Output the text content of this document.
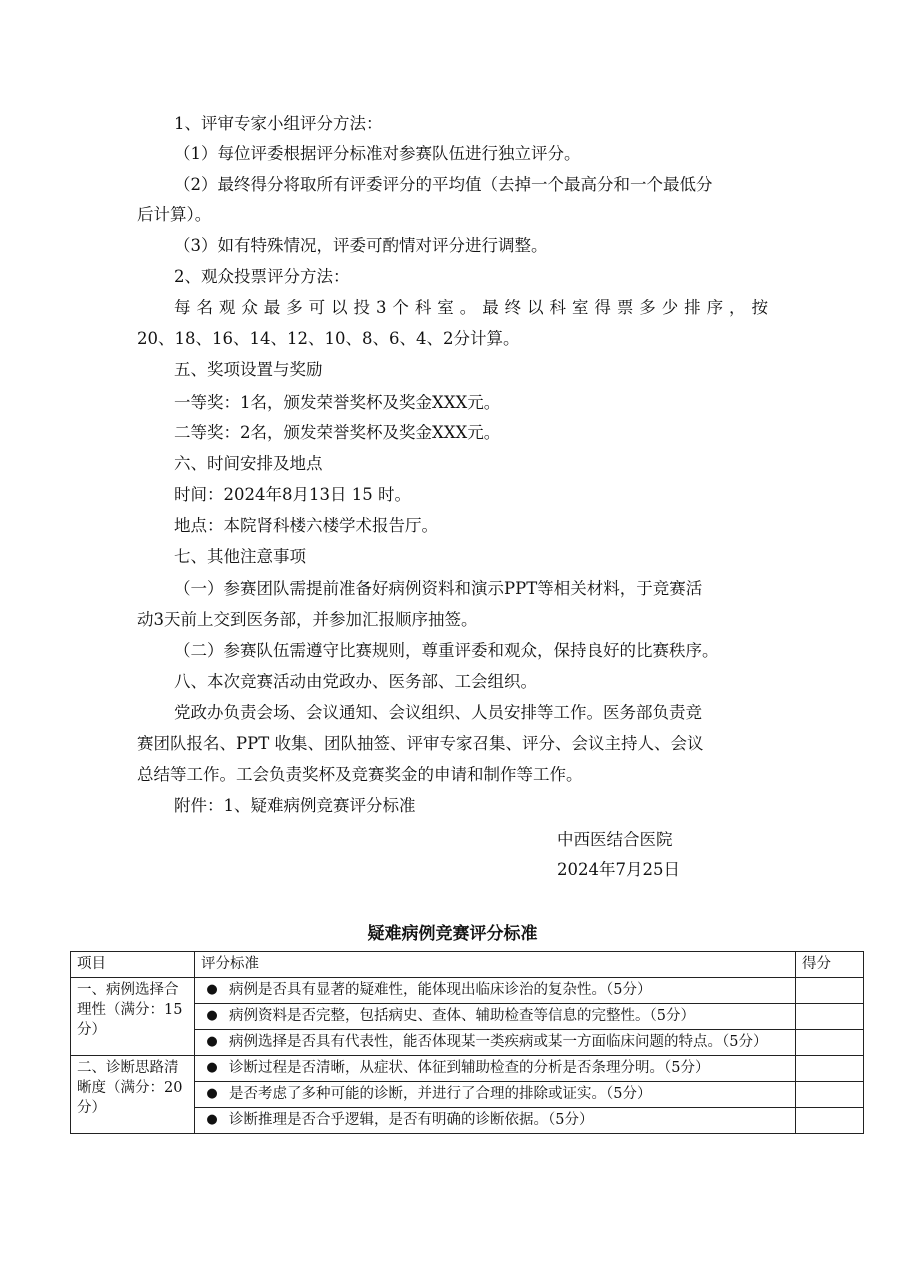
1、评审专家小组评分方法：
（1）每位评委根据评分标准对参赛队伍进行独立评分。
（2）最终得分将取所有评委评分的平均值（去掉一个最高分和一个最低分
后计算）。
（3）如有特殊情况，评委可酌情对评分进行调整。
2、观众投票评分方法：
每名观众最多可以投3个科室。最终以科室得票多少排序，按
20、18、16、14、12、10、8、6、4、2分计算。
五、奖项设置与奖励
一等奖：1名，颁发荣誉奖杯及奖金XXX元。
二等奖：2名，颁发荣誉奖杯及奖金XXX元。
六、时间安排及地点
时间：2024年8月13日 15 时。
地点：本院肾科楼六楼学术报告厅。
七、其他注意事项
（一）参赛团队需提前准备好病例资料和演示PPT等相关材料，于竞赛活
动3天前上交到医务部，并参加汇报顺序抽签。
（二）参赛队伍需遵守比赛规则，尊重评委和观众，保持良好的比赛秩序。
八、本次竞赛活动由党政办、医务部、工会组织。
党政办负责会场、会议通知、会议组织、人员安排等工作。医务部负责竞
赛团队报名、PPT 收集、团队抽签、评审专家召集、评分、会议主持人、会议
总结等工作。工会负责奖杯及竞赛奖金的申请和制作等工作。
附件：1、疑难病例竞赛评分标准
中西医结合医院
2024年7月25日
疑难病例竞赛评分标准
项目	评分标准	得分
一、病例选择合理性（满分：15分）	● 病例是否具有显著的疑难性，能体现出临床诊治的复杂性。（5分）	

	● 病例资料是否完整，包括病史、查体、辅助检查等信息的完整性。（5分）	

	● 病例选择是否具有代表性，能否体现某一类疾病或某一方面临床问题的特点。（5分）	

二、诊断思路清晰度（满分：20分）	● 诊断过程是否清晰，从症状、体征到辅助检查的分析是否条理分明。（5分）	

	● 是否考虑了多种可能的诊断，并进行了合理的排除或证实。（5分）	

	● 诊断推理是否合乎逻辑，是否有明确的诊断依据。（5分）	
